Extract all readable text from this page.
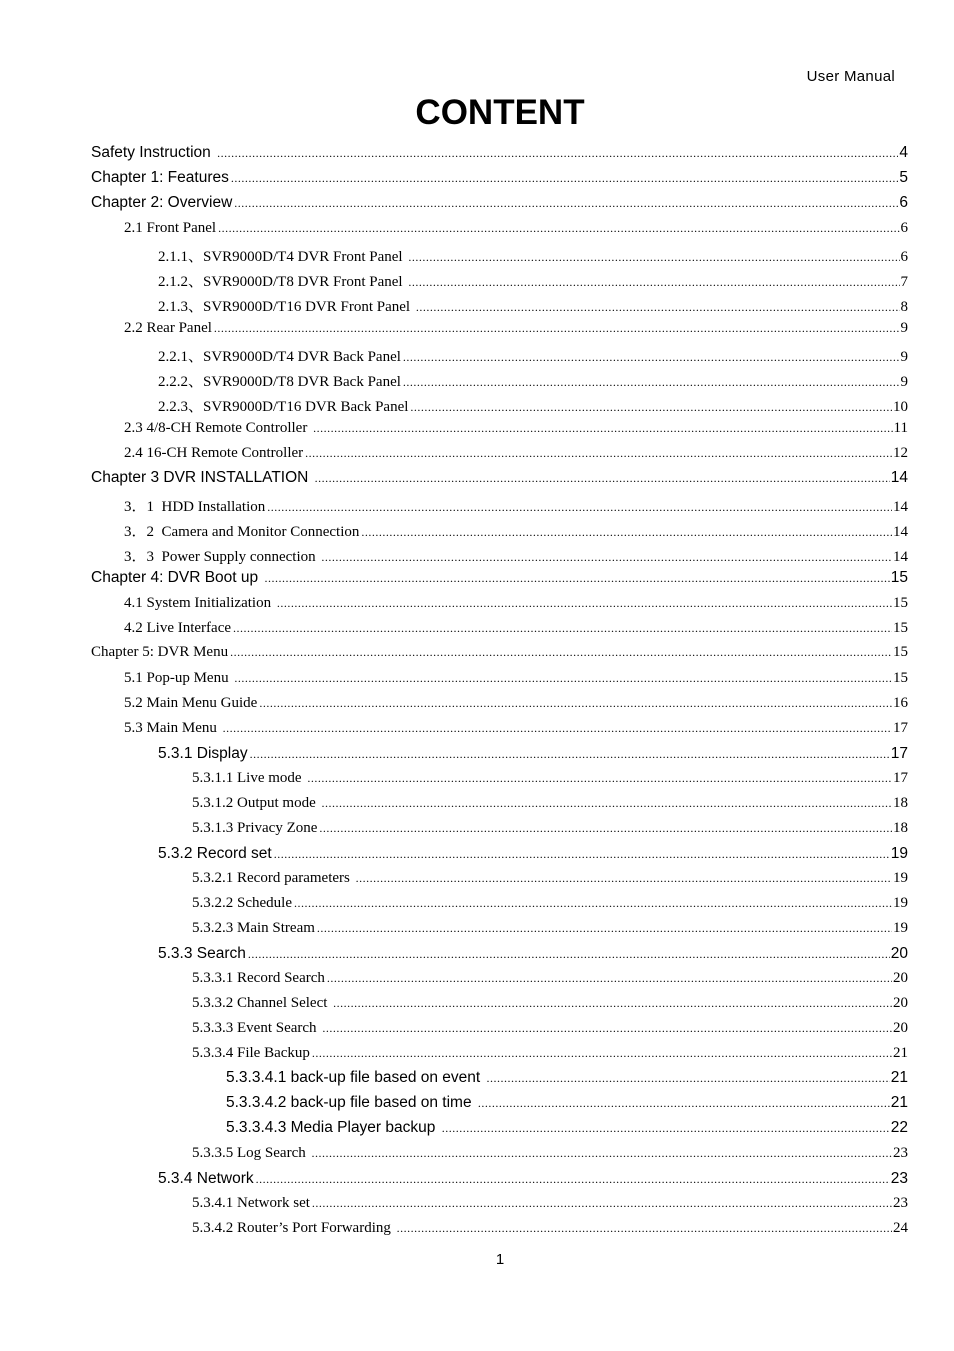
User Manual
CONTENT
Safety Instruction .....	4
Chapter 1: Features .....	5
Chapter 2: Overview .....	6
2.1 Front Panel .....	6
2.1.1、SVR9000D/T4 DVR Front Panel .....	6
2.1.2、SVR9000D/T8 DVR Front Panel .....	7
2.1.3、SVR9000D/T16 DVR Front Panel .....	8
2.2 Rear Panel .....	9
2.2.1、SVR9000D/T4 DVR Back Panel .....	9
2.2.2、SVR9000D/T8 DVR Back Panel .....	9
2.2.3、SVR9000D/T16 DVR Back Panel .....	10
2.3 4/8-CH Remote Controller .....	11
2.4 16-CH Remote Controller .....	12
Chapter 3 DVR INSTALLATION .....	14
3．1  HDD Installation .....	14
3．2  Camera and Monitor Connection .....	14
3．3  Power Supply connection .....	14
Chapter 4: DVR Boot up .....	15
4.1 System Initialization .....	15
4.2 Live Interface .....	15
Chapter 5: DVR Menu .....	15
5.1 Pop-up Menu .....	15
5.2 Main Menu Guide .....	16
5.3 Main Menu .....	17
5.3.1 Display .....	17
5.3.1.1 Live mode .....	17
5.3.1.2 Output mode .....	18
5.3.1.3 Privacy Zone .....	18
5.3.2 Record set .....	19
5.3.2.1 Record parameters .....	19
5.3.2.2 Schedule .....	19
5.3.2.3 Main Stream .....	19
5.3.3 Search .....	20
5.3.3.1 Record Search .....	20
5.3.3.2 Channel Select .....	20
5.3.3.3 Event Search .....	20
5.3.3.4 File Backup .....	21
5.3.3.4.1 back-up file based on event .....	21
5.3.3.4.2 back-up file based on time .....	21
5.3.3.4.3 Media Player backup .....	22
5.3.3.5 Log Search .....	23
5.3.4 Network .....	23
5.3.4.1 Network set .....	23
5.3.4.2 Router’s Port Forwarding .....	24
1
